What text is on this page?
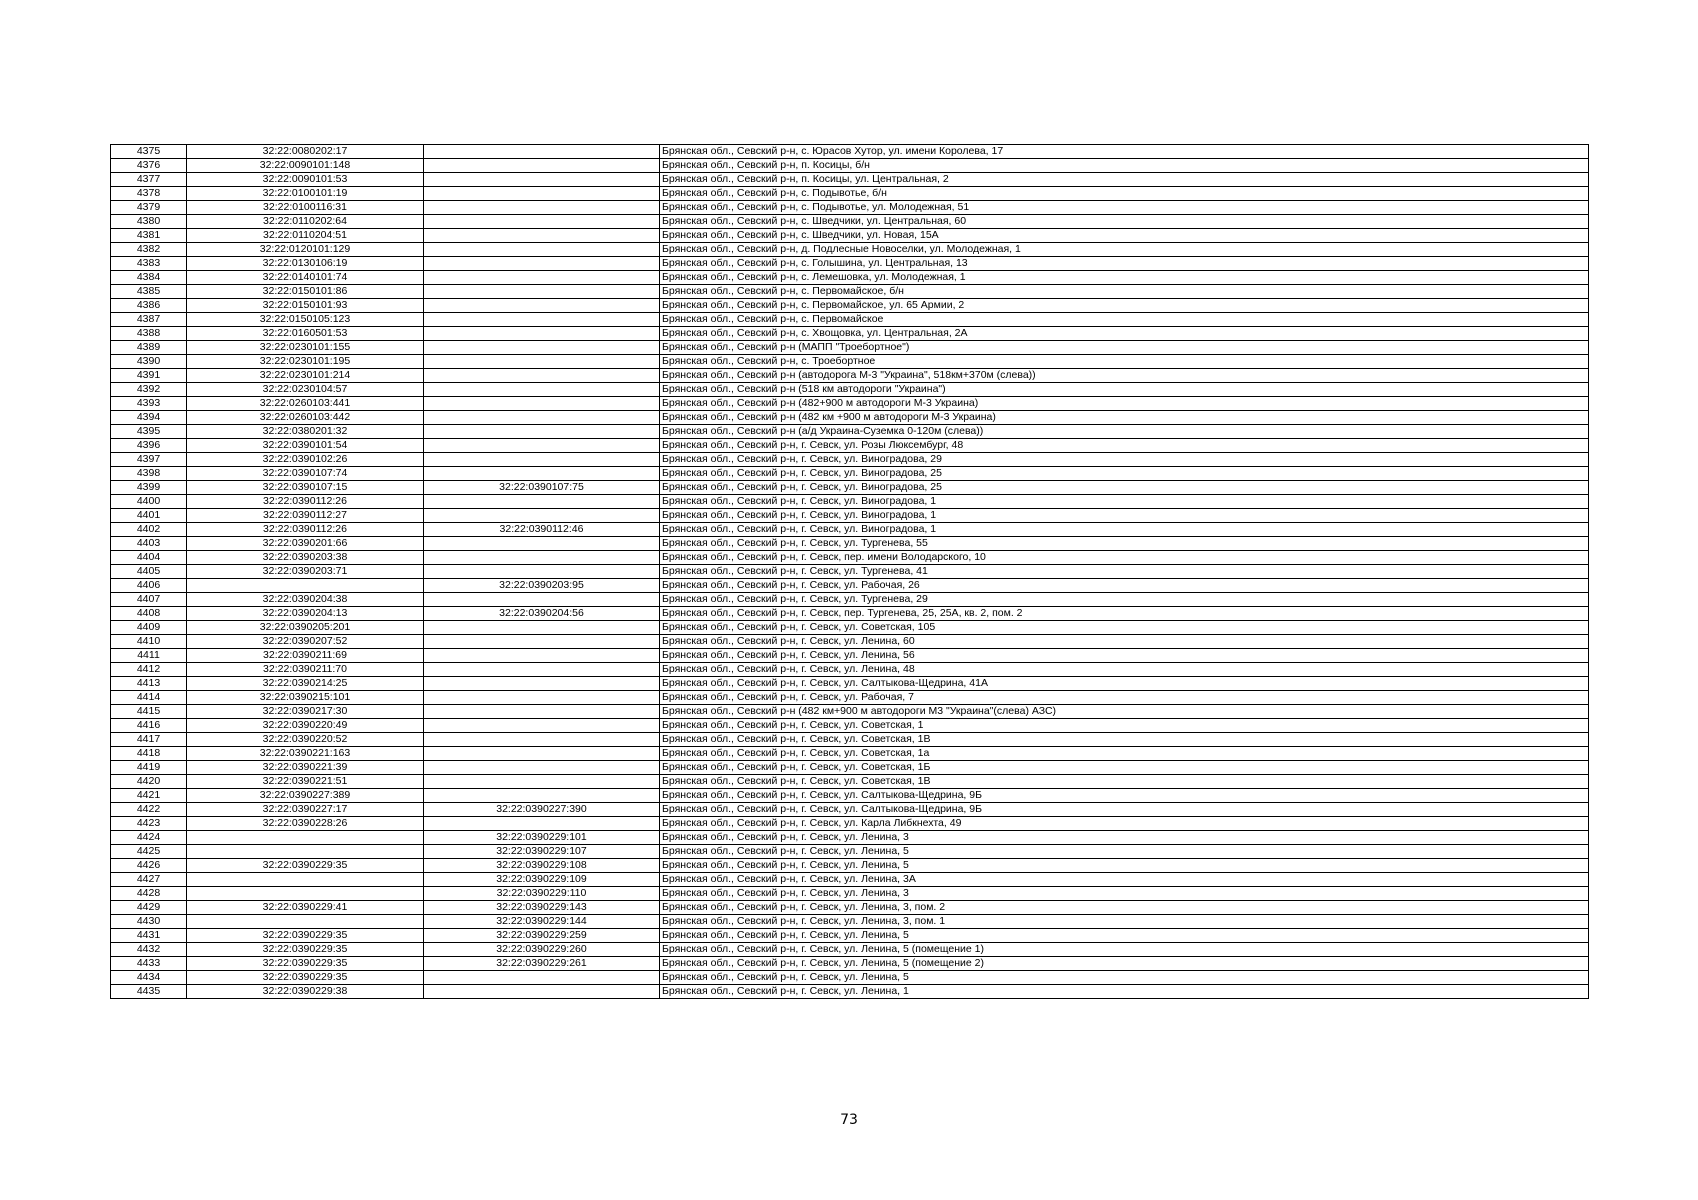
4375	32:22:0080202:17		Брянская обл., Севский р-н, с. Юрасов Хутор, ул. имени Королева, 17
4376	32:22:0090101:148		Брянская обл., Севский р-н, п. Косицы, б/н
4377	32:22:0090101:53		Брянская обл., Севский р-н, п. Косицы, ул. Центральная, 2
4378	32:22:0100101:19		Брянская обл., Севский р-н, с. Подывотье, б/н
4379	32:22:0100116:31		Брянская обл., Севский р-н, с. Подывотье, ул. Молодежная, 51
4380	32:22:0110202:64		Брянская обл., Севский р-н, с. Шведчики, ул. Центральная, 60
4381	32:22:0110204:51		Брянская обл., Севский р-н, с. Шведчики, ул. Новая, 15А
4382	32:22:0120101:129		Брянская обл., Севский р-н, д. Подлесные Новоселки, ул. Молодежная, 1
4383	32:22:0130106:19		Брянская обл., Севский р-н, с. Голышина, ул. Центральная, 13
4384	32:22:0140101:74		Брянская обл., Севский р-н, с. Лемешовка, ул. Молодежная, 1
4385	32:22:0150101:86		Брянская обл., Севский р-н, с. Первомайское, б/н
4386	32:22:0150101:93		Брянская обл., Севский р-н, с. Первомайское, ул. 65 Армии, 2
4387	32:22:0150105:123		Брянская обл., Севский р-н, с. Первомайское
4388	32:22:0160501:53		Брянская обл., Севский р-н, с. Хвощовка, ул. Центральная, 2А
4389	32:22:0230101:155		Брянская обл., Севский р-н (МАПП "Троебортное")
4390	32:22:0230101:195		Брянская обл., Севский р-н, с. Троебортное
4391	32:22:0230101:214		Брянская обл., Севский р-н (автодорога М-3 "Украина", 518км+370м (слева))
4392	32:22:0230104:57		Брянская обл., Севский р-н (518 км автодороги "Украина")
4393	32:22:0260103:441		Брянская обл., Севский р-н (482+900 м автодороги М-3 Украина)
4394	32:22:0260103:442		Брянская обл., Севский р-н (482 км +900 м автодороги М-3 Украина)
4395	32:22:0380201:32		Брянская обл., Севский р-н (а/д Украина-Суземка 0-120м (слева))
4396	32:22:0390101:54		Брянская обл., Севский р-н, г. Севск, ул. Розы Люксембург, 48
4397	32:22:0390102:26		Брянская обл., Севский р-н, г. Севск, ул. Виноградова, 29
4398	32:22:0390107:74		Брянская обл., Севский р-н, г. Севск, ул. Виноградова, 25
4399	32:22:0390107:15	32:22:0390107:75	Брянская обл., Севский р-н, г. Севск, ул. Виноградова, 25
4400	32:22:0390112:26		Брянская обл., Севский р-н, г. Севск, ул. Виноградова, 1
4401	32:22:0390112:27		Брянская обл., Севский р-н, г. Севск, ул. Виноградова, 1
4402	32:22:0390112:26	32:22:0390112:46	Брянская обл., Севский р-н, г. Севск, ул. Виноградова, 1
4403	32:22:0390201:66		Брянская обл., Севский р-н, г. Севск, ул. Тургенева, 55
4404	32:22:0390203:38		Брянская обл., Севский р-н, г. Севск, пер. имени Володарского, 10
4405	32:22:0390203:71		Брянская обл., Севский р-н, г. Севск, ул. Тургенева, 41
4406		32:22:0390203:95	Брянская обл., Севский р-н, г. Севск, ул. Рабочая, 26
4407	32:22:0390204:38		Брянская обл., Севский р-н, г. Севск, ул. Тургенева, 29
4408	32:22:0390204:13	32:22:0390204:56	Брянская обл., Севский р-н, г. Севск, пер. Тургенева, 25, 25А, кв. 2, пом. 2
4409	32:22:0390205:201		Брянская обл., Севский р-н, г. Севск, ул. Советская, 105
4410	32:22:0390207:52		Брянская обл., Севский р-н, г. Севск, ул. Ленина, 60
4411	32:22:0390211:69		Брянская обл., Севский р-н, г. Севск, ул. Ленина, 56
4412	32:22:0390211:70		Брянская обл., Севский р-н, г. Севск, ул. Ленина, 48
4413	32:22:0390214:25		Брянская обл., Севский р-н, г. Севск, ул. Салтыкова-Щедрина, 41А
4414	32:22:0390215:101		Брянская обл., Севский р-н, г. Севск, ул. Рабочая, 7
4415	32:22:0390217:30		Брянская обл., Севский р-н (482 км+900 м автодороги М3 "Украина"(слева) АЗС)
4416	32:22:0390220:49		Брянская обл., Севский р-н, г. Севск, ул. Советская, 1
4417	32:22:0390220:52		Брянская обл., Севский р-н, г. Севск, ул. Советская, 1В
4418	32:22:0390221:163		Брянская обл., Севский р-н, г. Севск, ул. Советская, 1а
4419	32:22:0390221:39		Брянская обл., Севский р-н, г. Севск, ул. Советская, 1Б
4420	32:22:0390221:51		Брянская обл., Севский р-н, г. Севск, ул. Советская, 1В
4421	32:22:0390227:389		Брянская обл., Севский р-н, г. Севск, ул. Салтыкова-Щедрина, 9Б
4422	32:22:0390227:17	32:22:0390227:390	Брянская обл., Севский р-н, г. Севск, ул. Салтыкова-Щедрина, 9Б
4423	32:22:0390228:26		Брянская обл., Севский р-н, г. Севск, ул. Карла Либкнехта, 49
4424		32:22:0390229:101	Брянская обл., Севский р-н, г. Севск, ул. Ленина, 3
4425		32:22:0390229:107	Брянская обл., Севский р-н, г. Севск, ул. Ленина, 5
4426	32:22:0390229:35	32:22:0390229:108	Брянская обл., Севский р-н, г. Севск, ул. Ленина, 5
4427		32:22:0390229:109	Брянская обл., Севский р-н, г. Севск, ул. Ленина, 3А
4428		32:22:0390229:110	Брянская обл., Севский р-н, г. Севск, ул. Ленина, 3
4429	32:22:0390229:41	32:22:0390229:143	Брянская обл., Севский р-н, г. Севск, ул. Ленина, 3, пом. 2
4430		32:22:0390229:144	Брянская обл., Севский р-н, г. Севск, ул. Ленина, 3, пом. 1
4431	32:22:0390229:35	32:22:0390229:259	Брянская обл., Севский р-н, г. Севск, ул. Ленина, 5
4432	32:22:0390229:35	32:22:0390229:260	Брянская обл., Севский р-н, г. Севск, ул. Ленина, 5 (помещение 1)
4433	32:22:0390229:35	32:22:0390229:261	Брянская обл., Севский р-н, г. Севск, ул. Ленина, 5 (помещение 2)
4434	32:22:0390229:35		Брянская обл., Севский р-н, г. Севск, ул. Ленина, 5
4435	32:22:0390229:38		Брянская обл., Севский р-н, г. Севск, ул. Ленина, 1
73
